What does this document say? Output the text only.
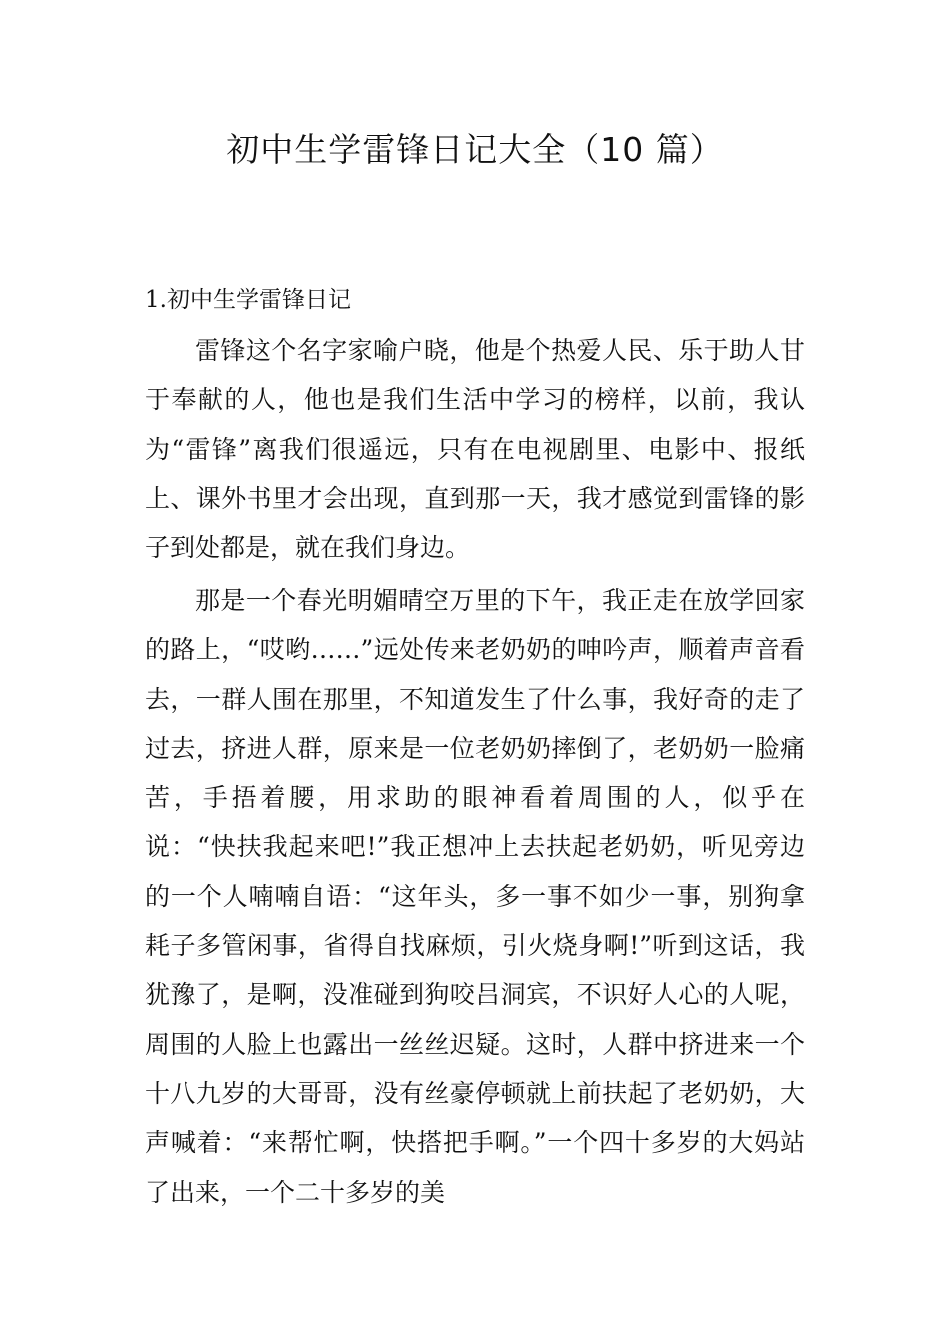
初中生学雷锋日记大全（10 篇）
1.初中生学雷锋日记

雷锋这个名字家喻户晓，他是个热爱人民、乐于助人甘于奉献的人，他也是我们生活中学习的榜样，以前，我认为“雷锋”离我们很遥远，只有在电视剧里、电影中、报纸上、课外书里才会出现，直到那一天，我才感觉到雷锋的影子到处都是，就在我们身边。

那是一个春光明媚晴空万里的下午，我正走在放学回家的路上，“哎哟……”远处传来老奶奶的呻吟声，顺着声音看去，一群人围在那里，不知道发生了什么事，我好奇的走了过去，挤进人群，原来是一位老奶奶摔倒了，老奶奶一脸痛苦，手捂着腰，用求助的眼神看着周围的人，似乎在说：“快扶我起来吧!”我正想冲上去扶起老奶奶，听见旁边的一个人喃喃自语：“这年头，多一事不如少一事，别狗拿耗子多管闲事，省得自找麻烦，引火烧身啊!”听到这话，我犹豫了，是啊，没准碰到狗咬吕洞宾，不识好人心的人呢，周围的人脸上也露出一丝丝迟疑。这时，人群中挤进来一个十八九岁的大哥哥，没有丝豪停顿就上前扶起了老奶奶，大声喊着：“来帮忙啊，快搭把手啊。”一个四十多岁的大妈站了出来，一个二十多岁的美
